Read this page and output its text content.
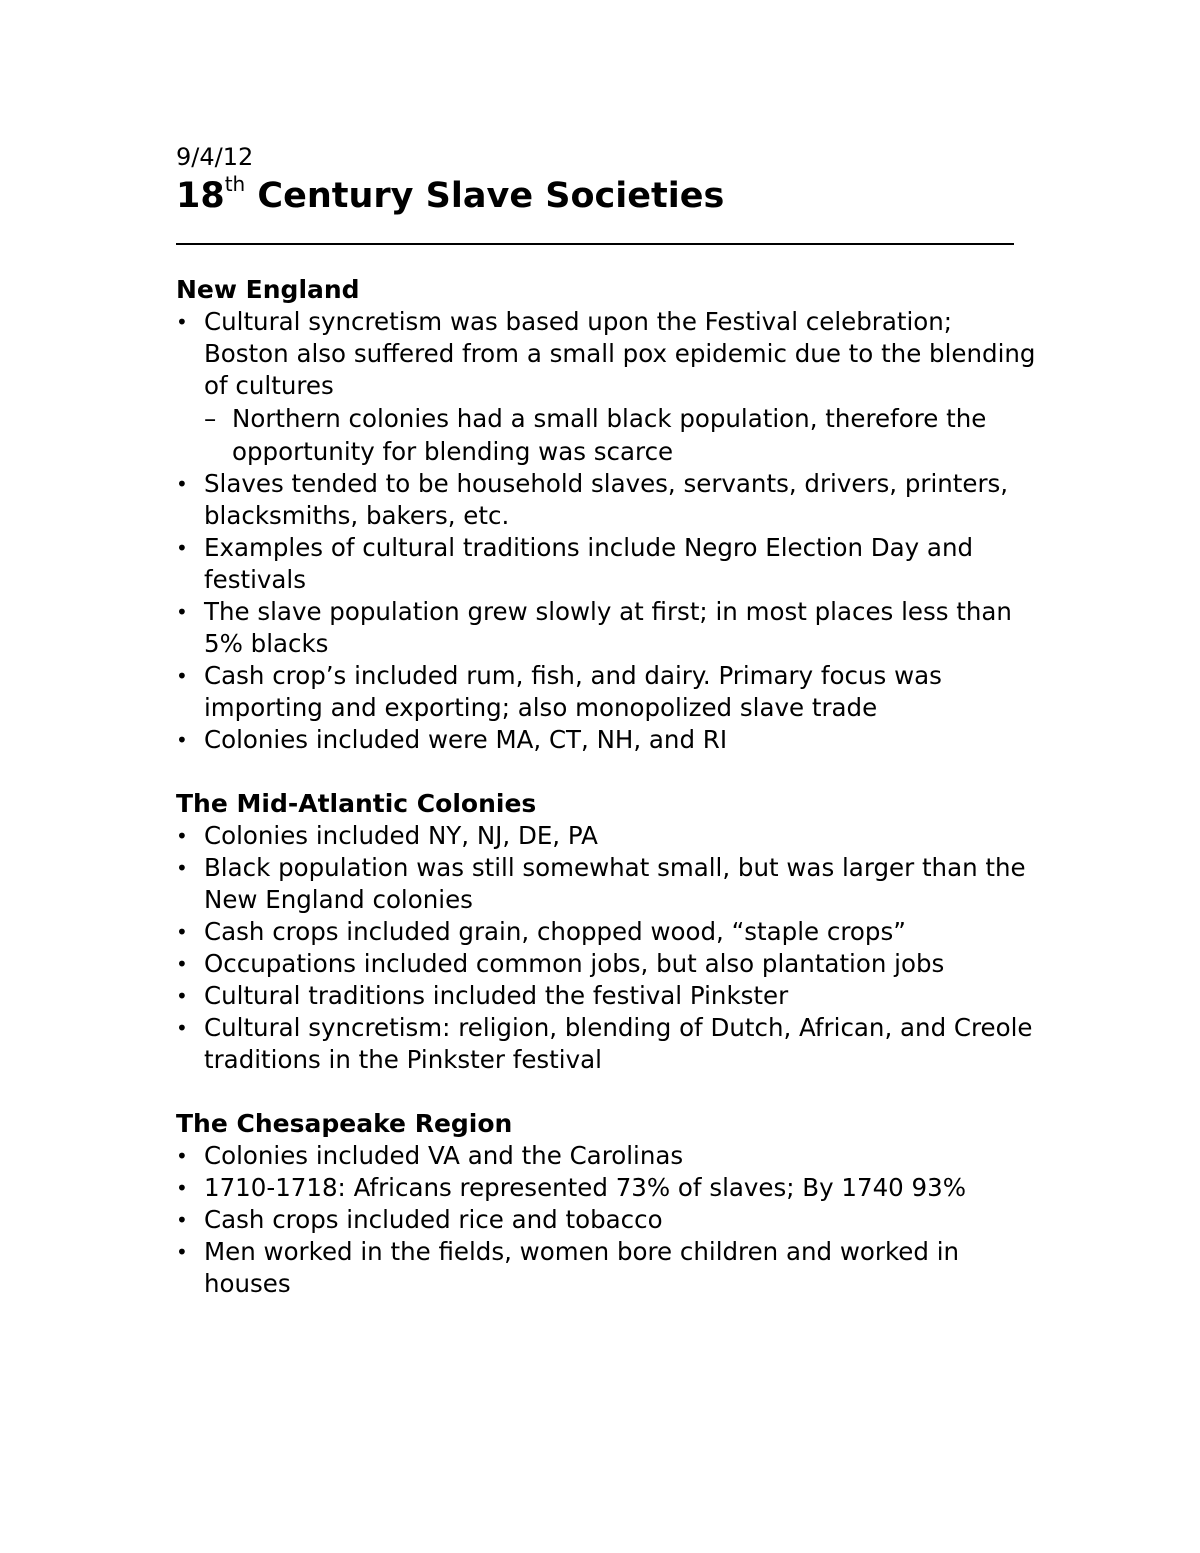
9/4/12

18th Century Slave Societies
New England
• Cultural syncretism was based upon the Festival celebration; Boston also suffered from a small pox epidemic due to the blending of cultures
– Northern colonies had a small black population, therefore the opportunity for blending was scarce
• Slaves tended to be household slaves, servants, drivers, printers, blacksmiths, bakers, etc.
• Examples of cultural traditions include Negro Election Day and festivals
• The slave population grew slowly at first; in most places less than 5% blacks
• Cash crop’s included rum, fish, and dairy. Primary focus was importing and exporting; also monopolized slave trade
• Colonies included were MA, CT, NH, and RI
The Mid-Atlantic Colonies
• Colonies included NY, NJ, DE, PA
• Black population was still somewhat small, but was larger than the New England colonies
• Cash crops included grain, chopped wood, “staple crops”
• Occupations included common jobs, but also plantation jobs
• Cultural traditions included the festival Pinkster
• Cultural syncretism: religion, blending of Dutch, African, and Creole traditions in the Pinkster festival
The Chesapeake Region
• Colonies included VA and the Carolinas
• 1710-1718: Africans represented 73% of slaves; By 1740 93%
• Cash crops included rice and tobacco
• Men worked in the fields, women bore children and worked in houses
